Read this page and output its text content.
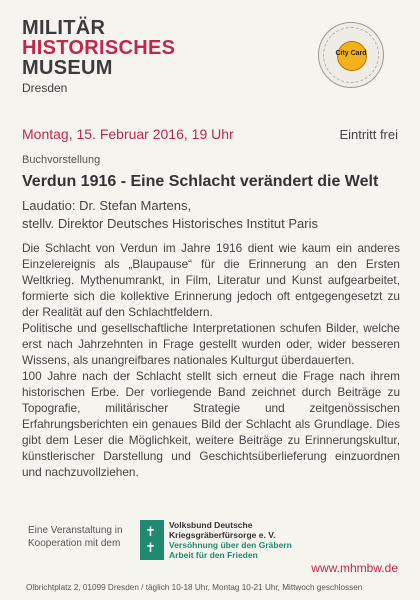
MILITÄR
HISTORISCHES
MUSEUM
Dresden
City Card
Montag, 15. Februar 2016, 19 Uhr	Eintritt frei
Buchvorstellung
Verdun 1916 - Eine Schlacht verändert die Welt
Laudatio: Dr. Stefan Martens,
stellv. Direktor Deutsches Historisches Institut Paris

Die Schlacht von Verdun im Jahre 1916 dient wie kaum ein anderes Einzelereignis als „Blaupause“ für die Erinnerung an den Ersten Weltkrieg. Mythenumrankt, in Film, Literatur und Kunst aufgearbeitet, formierte sich die kollektive Erinnerung jedoch oft entgegengesetzt zu der Realität auf den Schlachtfeldern.

Politische und gesellschaftliche Interpretationen schufen Bilder, welche erst nach Jahrzehnten in Frage gestellt wurden oder, wider besseren Wissens, als unangreifbares nationales Kulturgut überdauerten.

100 Jahre nach der Schlacht stellt sich erneut die Frage nach ihrem historischen Erbe. Der vorliegende Band zeichnet durch Beiträge zu Topografie, militärischer Strategie und zeitgenössischen Erfahrungsberichten ein genaues Bild der Schlacht als Grundlage. Dies gibt dem Leser die Möglichkeit, weitere Beiträge zu Erinnerungskultur, künstlerischer Darstellung und Geschichtsüberlieferung einzuordnen und nachzuvollziehen.

Eine Veranstaltung in
Kooperation mit dem
✝
✝
Volksbund Deutsche
Kriegsgräberfürsorge e. V.
Versöhnung über den Gräbern
Arbeit für den Frieden
www.mhmbw.de
Olbrichtplatz 2, 01099 Dresden / täglich 10-18 Uhr, Montag 10-21 Uhr, Mittwoch geschlossen
